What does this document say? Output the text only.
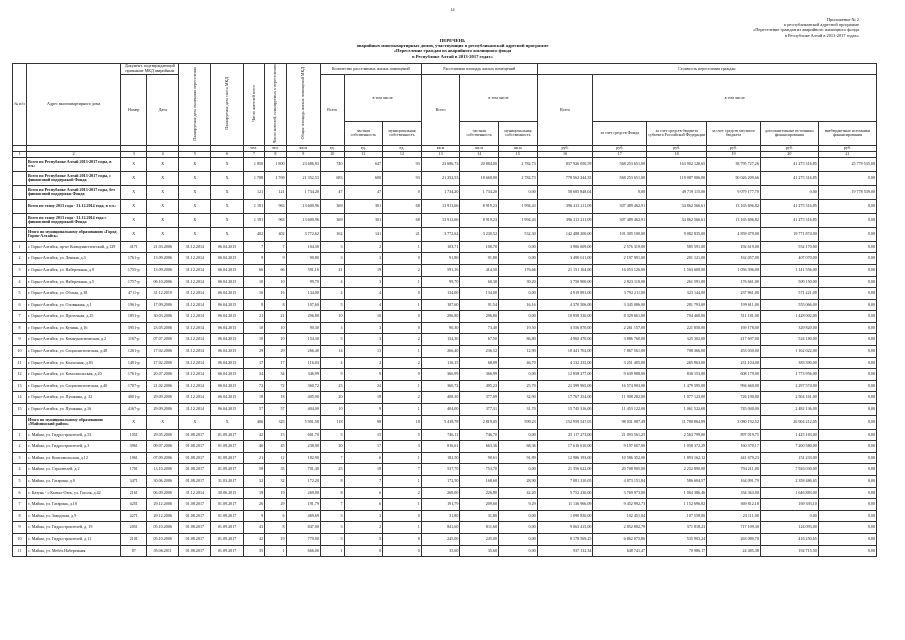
14
Приложение № 2
к республиканской адресной программе
«Переселение граждан из аварийного жилищного фонда
в Республике Алтай в 2013-2017 годах»
ПЕРЕЧЕНЬ
аварийных многоквартирных домов, участвующих в республиканской адресной программе
«Переселение граждан из аварийного жилищного фонда
в Республике Алтай в 2013-2017 годах»
№ п/п	Адрес многоквартирного дома	Документ, подтверждающий признание МКД аварийным		Планируемая дата окончания переселения	Планируемая дата сноса МКД	Число жителей всего	Число жителей, планируемых к переселению	Общая площадь жилых помещений МКД	Количество расселяемых жилых помещений			Расселяемая площадь жилых помещений			Стоимость переселения граждан					
		Номер	Дата						Всего	в том числе		Всего	в том числе		Всего	в том числе				
										частная собственность	муниципальная собственность		частная собственность	муниципальная собственность		за счет средств Фонда	за счет средств бюджета субъекта Российской Федерации	за счет средств местного бюджета	дополнительные источники финансирования	внебюджетные источники финансирования
						чел.	чел.	кв.м	ед.	ед.	ед.	кв.м	кв.м	кв.м	руб.	руб.	руб.	руб.	руб.	руб.
1	2	3	4	5	6	7	8	9	10	11	12	13	14	15	16	17	18	19	20	21
	Всего по Республике Алтай 2013-2017 годы, в т.ч.:	X	X	X	X	1 850	1 800	23 686,93	740	647	93	23 686,73	20 884,00	2 782,73	837 926 050,59	568 253 651,00	163 902 128,65	38 795 727,26	41 275 316,85	25 779 535,00
	Всего по Республике Алтай 2013-2017 годы, с финансовой поддержкой Фонда	X	X	X	X	1 788	1 769	21 352,53	683	600	93	21 352,53	18 660,00	2 782,73	778 562 244,35	568 253 651,00	119 087 006,00	50 026 209,66	41 275 316,85	0,00
	Всего по Республике Алтай 2013-2017 годы, без финансовой поддержки Фонда	X	X	X	X	121	121	1 734,20	47	47	0	1 734,20	1 734,20	0,00	58 685 848,04	0,00	49 719 115,00	9 079 177,70	0,00	19 778 539,00
	Всего по этапу 2013 года - 31.12.2014 года, в т.ч.:	X	X	X	X	1 181	963	13 600,96	369	301	68	13 913,66	8 919,23	1 994,43	396 213 211,09	307 489 462,91	34 862 566,61	13 165 696,82	41 275 316,85	0,00
	Всего по этапу 2013 года - 31.12.2014 года с финансовой поддержкой Фонда	X	X	X	X	1 181	963	13 600,96	369	301	68	13 913,66	8 919,23	1 994,43	396 213 211,09	307 489 462,91	34 862 566,61	13 165 696,82	41 275 316,85	0,00
	Итого по муниципальному образованию «Город Горно-Алтайск»	X	X	X	X	402	402	3 772,62	162	141	21	3 772,62	3 230,52	532,30	142 488 200,00	101 305 100,00	9 082 835,00	4 859 479,00	19 771 874,00	0,00
1	г. Горно-Алтайск, пр-кт Коммунистический, д.129	4171	21.03.2006	31.12.2014	06.04.2015	7	7	104,30	3	2	1	103,71	100,70	0,00	3 906 609,00	2 576 319,00	585 591,00	192 619,00	552 170,00	0,00
2	г. Горно-Алтайск, ул. Ленина, д.3	1761-р	13.09.2006	31.12.2014	06.04.2015	9	9	90,80	3	3	0	91,80	91,80	0,00	3 490 611,00	2 197 991,00	201 121,00	162 057,00	407 070,00	0,00
3	г. Горно-Алтайск, ул. Набережная, д.9	1755-р	13.09.2006	31.12.2014	06.04.2015	66	66	591,16	21	19	2	591,16	414,50	176,66	21 151 164,00	16 053 126,00	1 563 600,00	1 056 396,00	1 141 556,00	0,00
4	г. Горно-Алтайск, ул. Набережная, д.5	1757-р	06.10.2006	31.12.2014	06.04.2015	10	10	99,70	4	3	1	99,70	60,30	39,20	3 750 900,00	2 823 110,00	261 591,00	176 661,00	509 150,00	0,00
5	г. Горно-Алтайск, ул. Обская, д.38	4711-р	31.12.2010	31.12.2014	06.04.2015	16	16	134,00	4	4	0	134,00	134,00	0,00	4 919 891,00	3 792 211,00	323 144,00	237 861,00	571 221,00	0,00
6	г. Горно-Алтайск, ул. Оловянная, д.1	1961-р	17.09.2006	31.12.2014	06.04.2015	8	8	107,60	5	4	1	107,60	91,54	16,16	4 370 506,00	3 345 086,00	281 793,00	199 611,00	555 066,00	0,00
7	г. Горно-Алтайск, ул. Проточная, д.25	1851-р	30.03.2006	31.12.2014	06.04.2015	21	21	296,80	10	10	0	296,80	296,80	0,00	10 958 330,00	8 329 661,00	704 460,00	511 181,00	1 428 002,00	0,00
8	г. Горно-Алтайск, ул. Кучияк, д.16	5951-р	23.05.2006	31.12.2014	06.04.2015	10	10	90,30	3	3	0	90,30	73,40	19,50	3 556 870,00	2 261 157,00	221 850,00	169 178,00	329 820,00	0,00
9	г. Горно-Алтайск, ул. Коммунистическая, д.2	1167-р	07.07.2006	31.12.2014	06.04.2015	10	10	154,30	5	3	2	154,30	67,50	86,80	4 960 470,00	3 886 760,00	325 302,00	217 697,00	524 180,00	0,00
10	г. Горно-Алтайск, ул. Социалистическая, д.48	1261-р	17.02.2006	31.12.2014	06.04.2015	29	29	266,40	14	13	1	266,40	236,52	12,90	10 441 702,00	7 867 561,00	708 366,00	453 030,00	1 162 022,00	0,00
11	г. Горно-Алтайск, ул. Колхозная, д.83	1401-р	17.02.2006	31.12.2014	06.04.2015	17	17	116,03	4	2	2	116,15	68,09	46,70	4 132 235,00	3 251 405,00	265 963,00	231 104,00	383 390,00	0,00
12	г. Горно-Алтайск, ул. Комсомольская, д.20	1761-р	20.07.2006	31.12.2014	06.04.2015	34	34	346,99	9	9	0	366,99	366,99	0,00	12 858 277,00	9 639 988,00	836 153,00	608 179,00	1 773 956,00	0,00
13	г. Горно-Алтайск, ул. Социалистическая, д.40	1707-р	21.02.2006	31.12.2014	06.04.2015	72	72	360,72	25	24	1	360,72	495,23	25,70	21 399 965,00	16 574 903,00	1 479 595,00	994 660,00	2 297 574,00	0,00
14	г. Горно-Алтайск, ул. Пушкина, д. 32	4001-р	29.09.2006	31.12.2014	06.04.2015	18	18	405,90	20	18	2	408,30	377,09	32,90	17 767 354,00	11 908 282,00	1 077 123,00	726 190,00	2 504 161,00	0,00
15	г. Горно-Алтайск, ул. Пушкина, д.16	4167-р	29.09.2006	31.12.2014	06.04.2015	57	57	404,00	10	9	1	404,00	377,31	31,70	15 745 316,00	11 453 122,00	1 061 522,00	745 040,00	2 482 136,00	0,00
	Итого по муниципальному образованию «Майминский район»	X	X	X	X	406	325	5 901,58	118	98	18	5 418,78	2 819,05	599,23	152 959 547,05	98 031 087,49	11 780 864,99	3 080 192,52	26 904 212,05	0,00
1	с. Майма, ул. Гидростроителей, д.53	1051	29.05.2006	01.08.2017	01.09.2017	42	15	601,70	5	15	5	746,11	746,70	0,00	25 117 273,00	21 093 561,25	2 563 799,00	897 019,75	1 425 183,00	0,00
2	с. Майма, ул. Гидростроителей, д.3	3961	09.07.2006	01.08.2017	01.09.2017	46	45	238,90	20	17	3	816,61	663,36	68,36	17 616 610,00	9 197 607,00	1 058 372,29	160 370,17	7 200 580,00	0,00
3	с. Майма, ул. Комсомольская, д.12	1961	07.09.2006	01.08.2017	01.09.2017	21	12	182,90	7	6	1	182,50	90,61	91,89	12 986 193,00	10 586 352,00	1 893 162,12	441 679,23	151 233,00	0,00
4	с. Майма, ул. Строителей, д.2	1701	13.10.2006	01.08.2017	01.09.2017	58	35	701,40	25	18	7	537,70	753,70	0,00	21 356 622,00	20 708 905,00	2 252 890,00	794 211,00	7 926 030,00	0,00
5	с. Майма, ул. Гагарина, д.9	3471	30.06.2006	01.08.2017	31.03.2017	32	32	172,20	8	7	1	172,50	168,60	28,90	7 081 310,05	4 873 151,84	586 604,57	164 091,79	2 358 486,65	0,00
6	с. Катунь - с.Кызыл-Озек, ул. Гоголя, д.42	2161	06.09.2006	31.12.2014	30.06.2015	19	19	269,00	8	6	2	269,00	226,80	42,20	5 752 230,00	3 769 973,00	1 064 386,46	334 363,00	1 646 883,00	0,00
7	с. Майма, ул. Гагарина, д.10	4251	29.12.2006	01.08.2017	01.09.2017	26	29	191,79	7	6	1	191,79	209,60	9,29	11 136 966,09	9 452 992,73	1 152 696,82	369 812,18	169 393,10	0,00
8	с. Майма, ул. Заводская, д.9	4271	29.12.2006	01.08.2017	01.09.2017	9	6	469,69	3	3	0	31,80	31,80	0,00	1 090 830,00	102 451,04	107 558,00	23 111,00	0,00	0,00
9	с. Майма, ул. Гидростроителей, д. 19	2051	05.10.2006	01.08.2017	01.09.2017	43	8	847,00	3	2	1	841,60	811,60	0,00	9 063 415,00	2 852 802,79	371 818,23	717 109,30	124 093,00	0,00
10	с. Майма, ул. Гидростроителей, д.11	2101	05.10.2006	01.08.2017	01.09.2017	42	19	770,00	3	5	8	245,00	245,00	0,00	8 178 569,25	6 862 075,86	535 903,24	263 080,70	416 250,65	0,00
11	с. Майма, ул. Мебел.Набережная	87	05.06.2011	01.08.2017	01.09.2017	35	1	666,00	1	0	0	35,60	35,60	0,00	937 112,34	648 741,47	70 986,17	24 485,38	192 715,50	0,00
